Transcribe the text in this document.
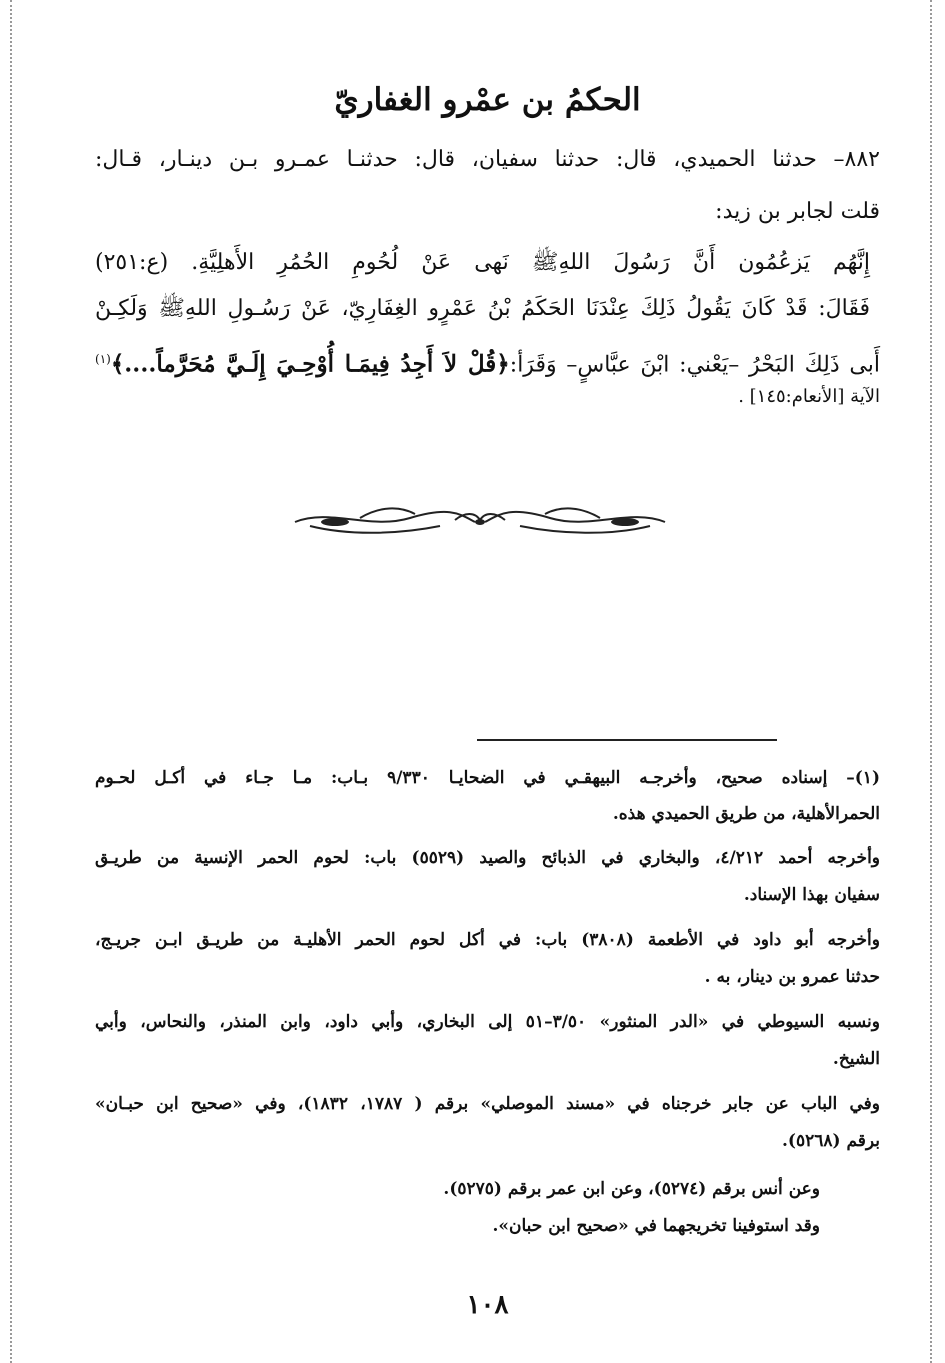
الحكمُ بن عمْرو الغفاريّ
٨٨٢– حدثنا الحميدي، قال: حدثنا سفيان، قال: حدثنـا عمـرو بـن دينـار، قـال:
قلت لجابر بن زيد:
إِنَّهُم يَزعُمُون أَنَّ رَسُولَ اللهِﷺ نَهى عَنْ لُحُومِ الحُمُرِ الأَهلِيَّةِ. (ع:٢٥١)
فَقَالَ: قَدْ كَانَ يَقُولُ ذَلِكَ عِنْدَنَا الحَكَمُ بْنُ عَمْرٍو الغِفَارِيّ، عَنْ رَسُـولِ اللهِﷺ وَلَكِـنْ
أَبى ذَلِكَ البَحْرُ –يَعْني: ابْنَ عبَّاسٍ– وَقَرَأ:﴿قُلْ لاَ أَجِدُ فِيمَـا أُوْحِـيَ إِلَـيَّ مُحَرَّماً....﴾$^{(١)}$
الآية [الأنعام:١٤٥] .
(١)– إسناده صحيح، وأخرجـه البيهقـي في الضحايـا ٩/٣٣٠ بـاب: مـا جـاء في أكـل لحـوم
الحمرالأهلية، من طريق الحميدي هذه.
وأخرجه أحمد ٤/٢١٢، والبخاري في الذبائح والصيد (٥٥٢٩) باب: لحوم الحمر الإنسية من طريـق
سفيان بهذا الإسناد.
وأخرجه أبو داود في الأطعمة (٣٨٠٨) باب: في أكل لحوم الحمر الأهليـة من طريـق ابـن جريـج،
حدثنا عمرو بن دينار، به .
ونسبه السيوطي في «الدر المنثور» ٣/٥٠–٥١ إلى البخاري، وأبي داود، وابن المنذر، والنحاس، وأبي
الشيخ.
وفي الباب عن جابر خرجناه في «مسند الموصلي» برقم ( ١٧٨٧، ١٨٣٢)، وفي «صحيح ابن حبـان»
برقم (٥٢٦٨).
وعن أنس برقم (٥٢٧٤)، وعن ابن عمر برقم (٥٢٧٥).
وقد استوفينا تخريجهما في «صحيح ابن حبان».
١٠٨
